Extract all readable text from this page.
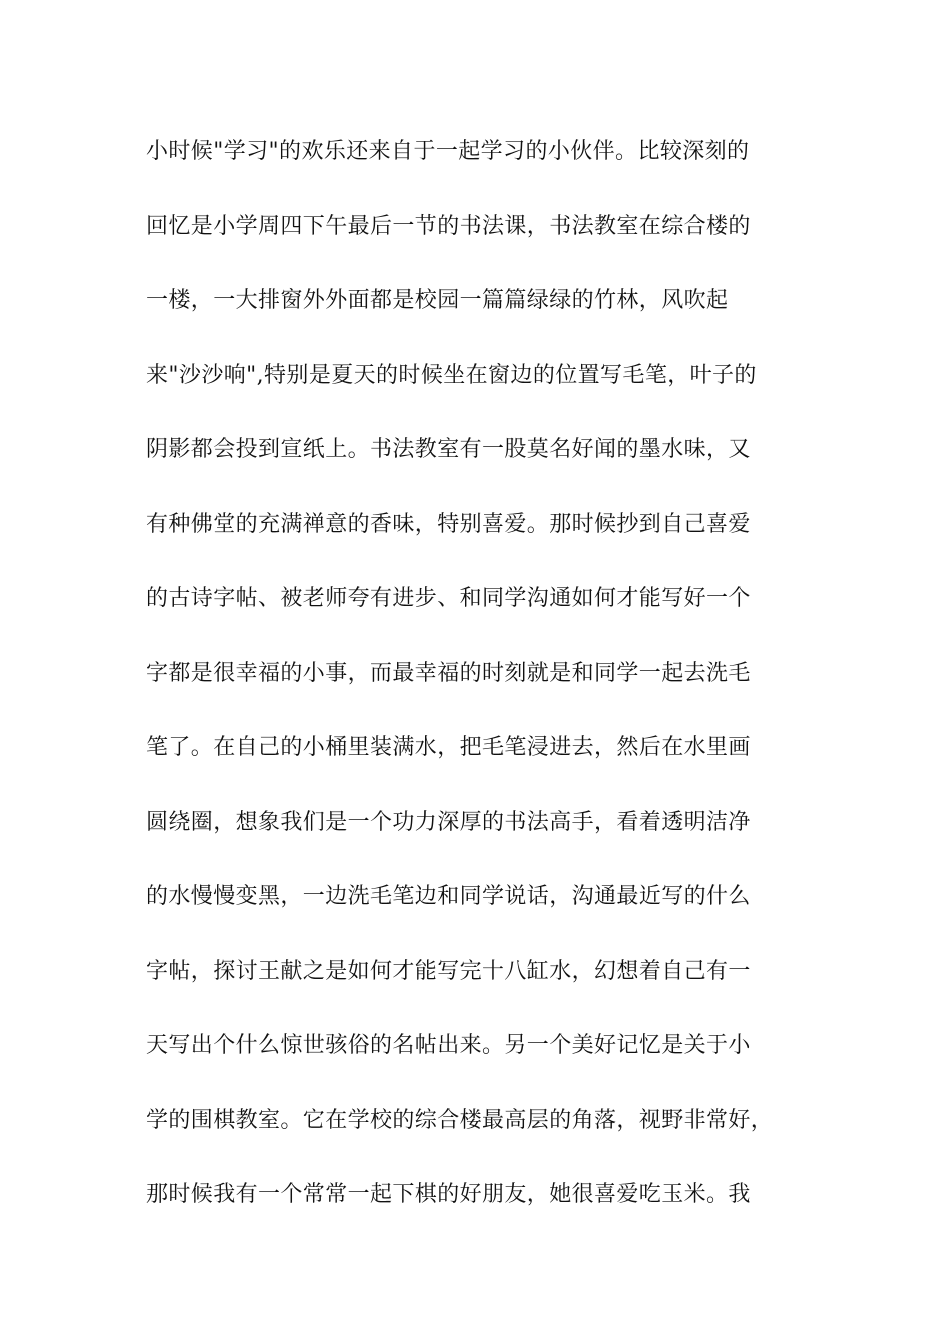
小时候"学习"的欢乐还来自于一起学习的小伙伴。比较深刻的
回忆是小学周四下午最后一节的书法课，书法教室在综合楼的
一楼，一大排窗外外面都是校园一篇篇绿绿的竹林，风吹起
来"沙沙响",特别是夏天的时候坐在窗边的位置写毛笔，叶子的
阴影都会投到宣纸上。书法教室有一股莫名好闻的墨水味，又
有种佛堂的充满禅意的香味，特别喜爱。那时候抄到自己喜爱
的古诗字帖、被老师夸有进步、和同学沟通如何才能写好一个
字都是很幸福的小事，而最幸福的时刻就是和同学一起去洗毛
笔了。在自己的小桶里装满水，把毛笔浸进去，然后在水里画
圆绕圈，想象我们是一个功力深厚的书法高手，看着透明洁净
的水慢慢变黑，一边洗毛笔边和同学说话，沟通最近写的什么
字帖，探讨王献之是如何才能写完十八缸水，幻想着自己有一
天写出个什么惊世骇俗的名帖出来。另一个美好记忆是关于小
学的围棋教室。它在学校的综合楼最高层的角落，视野非常好，
那时候我有一个常常一起下棋的好朋友，她很喜爱吃玉米。我
